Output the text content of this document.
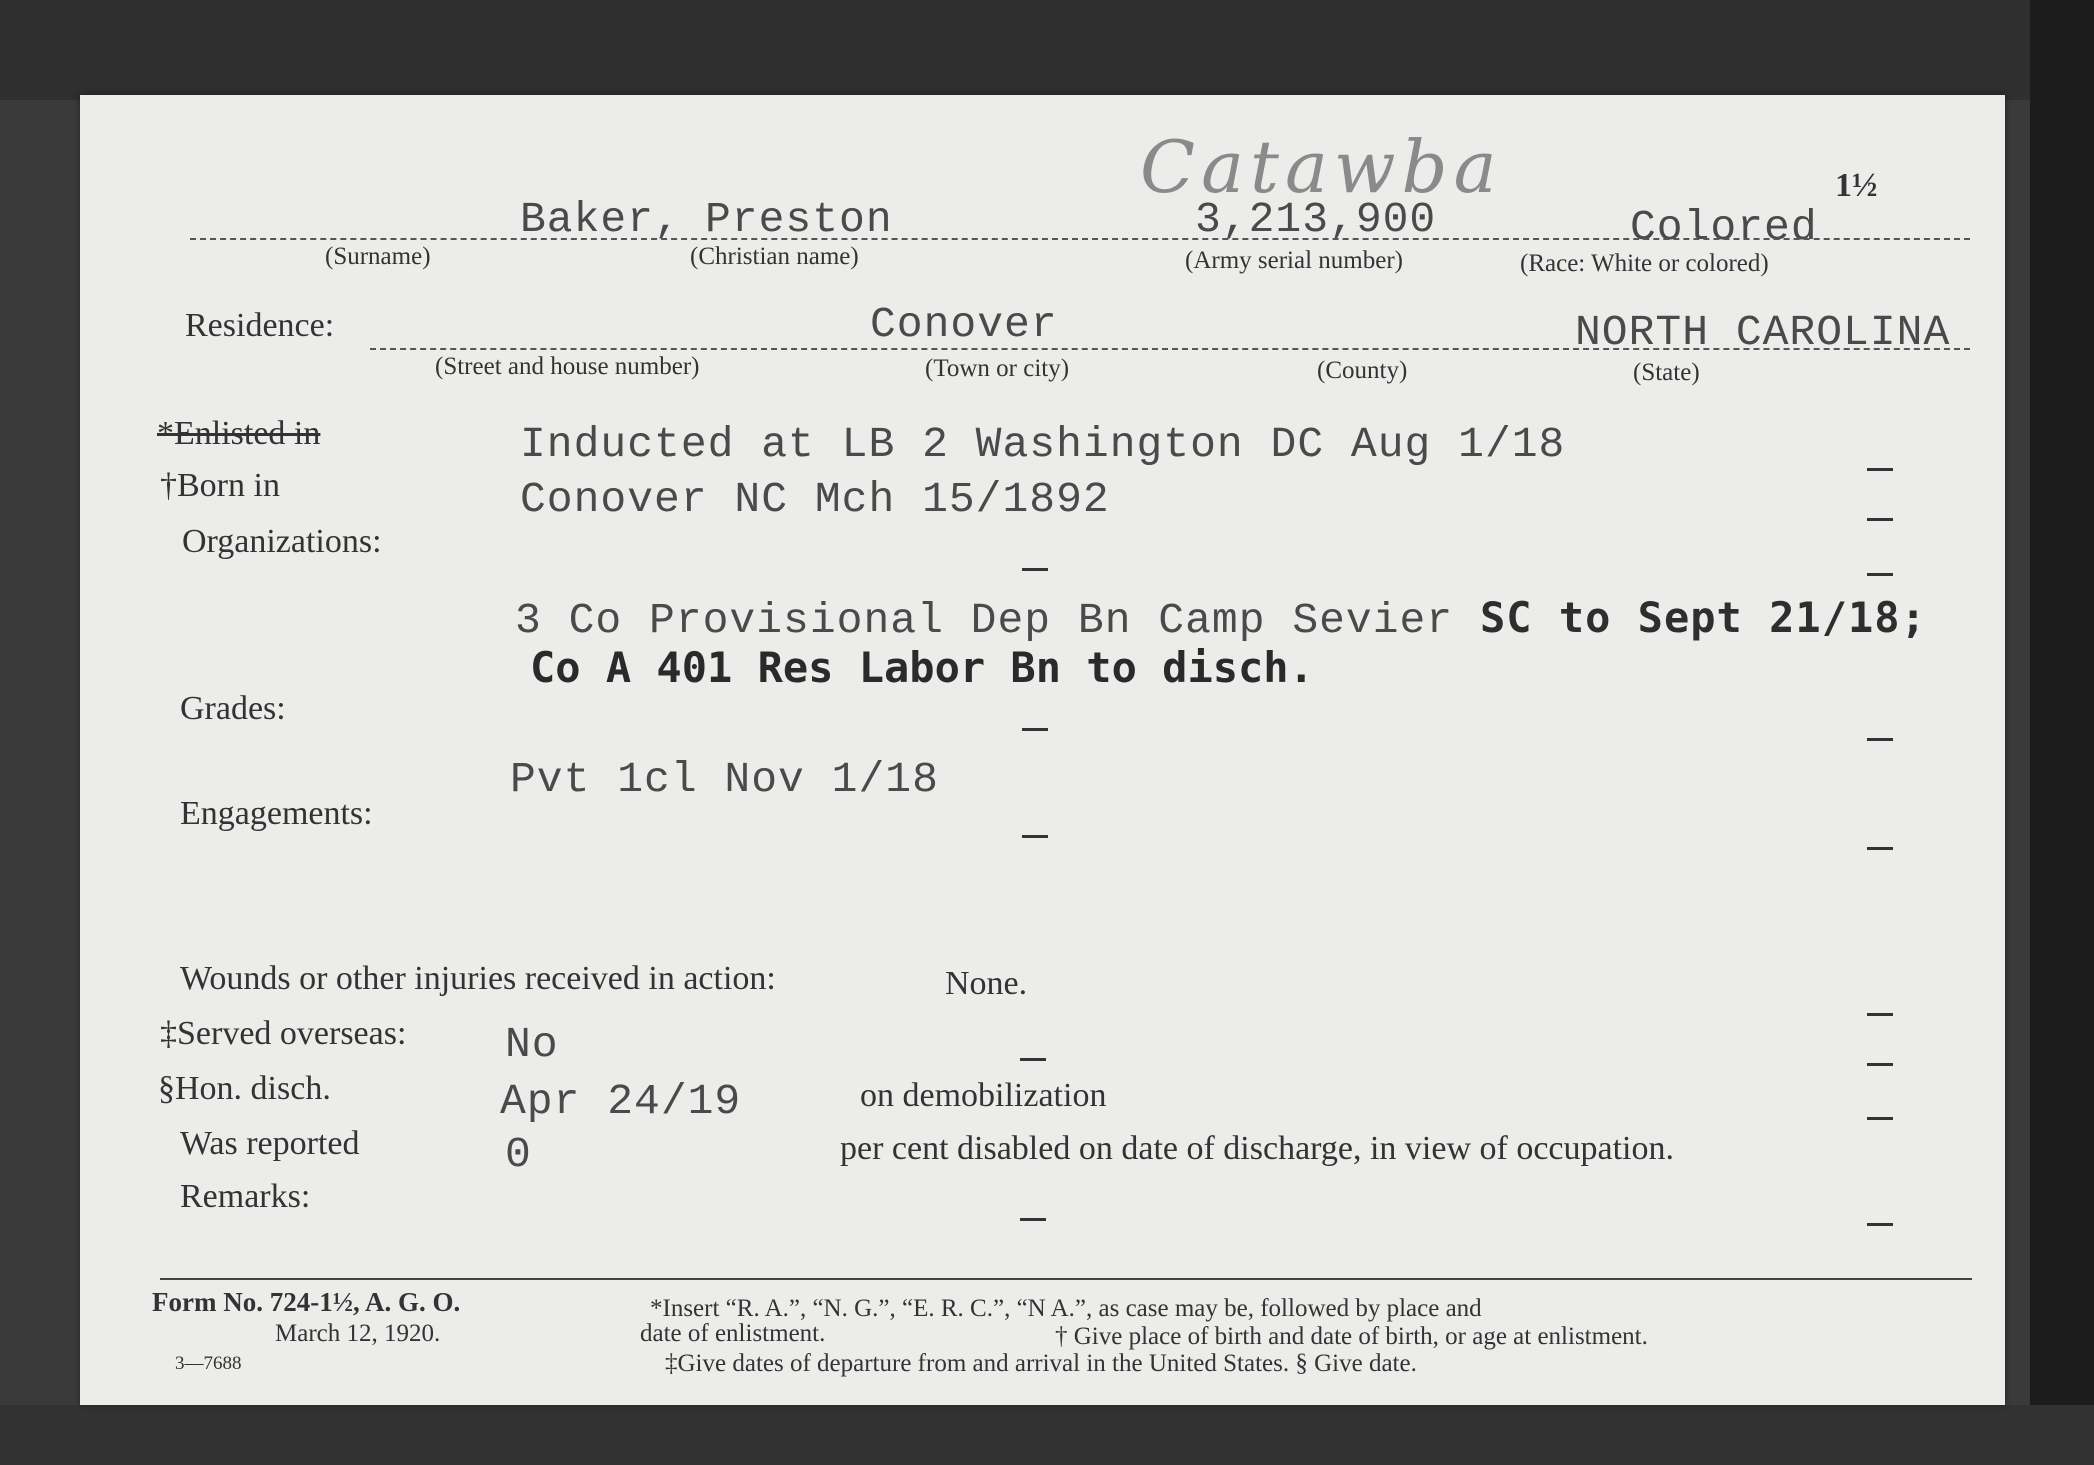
Catawba	1½
Baker, Preston	3,213,900	Colored
(Surname)	(Christian name)	(Army serial number)	(Race: White or colored)
Residence:	Conover	NORTH CAROLINA
(Street and house number)	(Town or city)	(County)	(State)
*Enlisted in	Inducted at LB 2 Washington DC Aug 1/18
†Born in	Conover NC Mch 15/1892
Organizations:
3 Co Provisional Dep Bn Camp Sevier SC to Sept 21/18;
Co A 401 Res Labor Bn to disch.
Grades:
Pvt 1cl Nov 1/18
Engagements:
Wounds or other injuries received in action:	None.
‡Served overseas: No
§Hon. disch.	Apr 24/19	on demobilization
Was reported	0	per cent disabled on date of discharge, in view of occupation.
Remarks:
Form No. 724-1½, A. G. O.
March 12, 1920.
3—7688
*Insert “R. A.”, “N. G.”, “E. R. C.”, “N A.”, as case may be, followed by place and
date of enlistment.	† Give place of birth and date of birth, or age at enlistment.
‡Give dates of departure from and arrival in the United States. § Give date.
